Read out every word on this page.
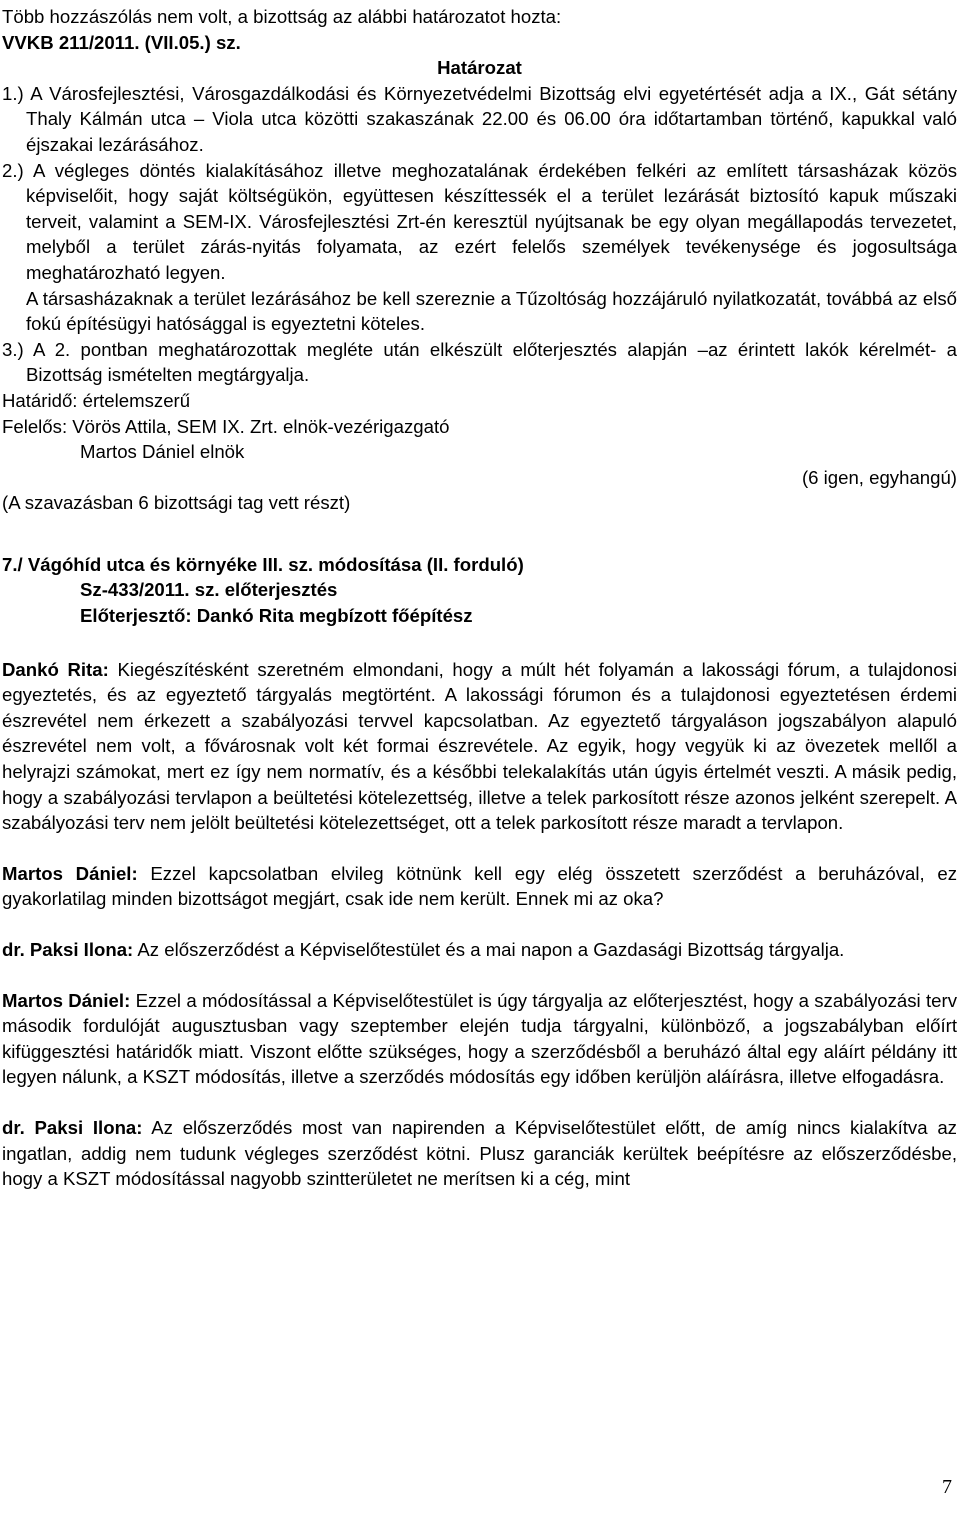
Több hozzászólás nem volt, a bizottság az alábbi határozatot hozta:

VVKB 211/2011. (VII.05.) sz.

Határozat

1.) A Városfejlesztési, Városgazdálkodási és Környezetvédelmi Bizottság elvi egyetértését adja a IX., Gát sétány Thaly Kálmán utca – Viola utca közötti szakaszának 22.00 és 06.00 óra időtartamban történő, kapukkal való éjszakai lezárásához.

2.) A végleges döntés kialakításához illetve meghozatalának érdekében felkéri az említett társasházak közös képviselőit, hogy saját költségükön, együttesen készíttessék el a terület lezárását biztosító kapuk műszaki terveit, valamint a SEM-IX. Városfejlesztési Zrt-én keresztül nyújtsanak be egy olyan megállapodás tervezetet, melyből a terület zárás-nyitás folyamata, az ezért felelős személyek tevékenysége és jogosultsága meghatározható legyen.

A társasházaknak a terület lezárásához be kell szereznie a Tűzoltóság hozzájáruló nyilatkozatát, továbbá az első fokú építésügyi hatósággal is egyeztetni köteles.

3.) A 2. pontban meghatározottak megléte után elkészült előterjesztés alapján –az érintett lakók kérelmét- a Bizottság ismételten megtárgyalja.

Határidő: értelemszerű

Felelős: Vörös Attila, SEM IX. Zrt. elnök-vezérigazgató

Martos Dániel elnök

(6 igen, egyhangú)

(A szavazásban 6 bizottsági tag vett részt)

7./ Vágóhíd utca és környéke III. sz. módosítása (II. forduló)
Sz-433/2011. sz. előterjesztés
Előterjesztő: Dankó Rita megbízott főépítész

Dankó Rita: Kiegészítésként szeretném elmondani, hogy a múlt hét folyamán a lakossági fórum, a tulajdonosi egyeztetés, és az egyeztető tárgyalás megtörtént. A lakossági fórumon és a tulajdonosi egyeztetésen érdemi észrevétel nem érkezett a szabályozási tervvel kapcsolatban. Az egyeztető tárgyaláson jogszabályon alapuló észrevétel nem volt, a fővárosnak volt két formai észrevétele. Az egyik, hogy vegyük ki az övezetek mellől a helyrajzi számokat, mert ez így nem normatív, és a későbbi telekalakítás után úgyis értelmét veszti. A másik pedig, hogy a szabályozási tervlapon a beültetési kötelezettség, illetve a telek parkosított része azonos jelként szerepelt. A szabályozási terv nem jelölt beültetési kötelezettséget, ott a telek parkosított része maradt a tervlapon.

Martos Dániel: Ezzel kapcsolatban elvileg kötnünk kell egy elég összetett szerződést a beruházóval, ez gyakorlatilag minden bizottságot megjárt, csak ide nem került. Ennek mi az oka?

dr. Paksi Ilona: Az előszerződést a Képviselőtestület és a mai napon a Gazdasági Bizottság tárgyalja.

Martos Dániel: Ezzel a módosítással a Képviselőtestület is úgy tárgyalja az előterjesztést, hogy a szabályozási terv második fordulóját augusztusban vagy szeptember elején tudja tárgyalni, különböző, a jogszabályban előírt kifüggesztési határidők miatt. Viszont előtte szükséges, hogy a szerződésből a beruházó által egy aláírt példány itt legyen nálunk, a KSZT módosítás, illetve a szerződés módosítás egy időben kerüljön aláírásra, illetve elfogadásra.

dr. Paksi Ilona: Az előszerződés most van napirenden a Képviselőtestület előtt, de amíg nincs kialakítva az ingatlan, addig nem tudunk végleges szerződést kötni. Plusz garanciák kerültek beépítésre az előszerződésbe, hogy a KSZT módosítással nagyobb szintterületet ne merítsen ki a cég, mint

7
